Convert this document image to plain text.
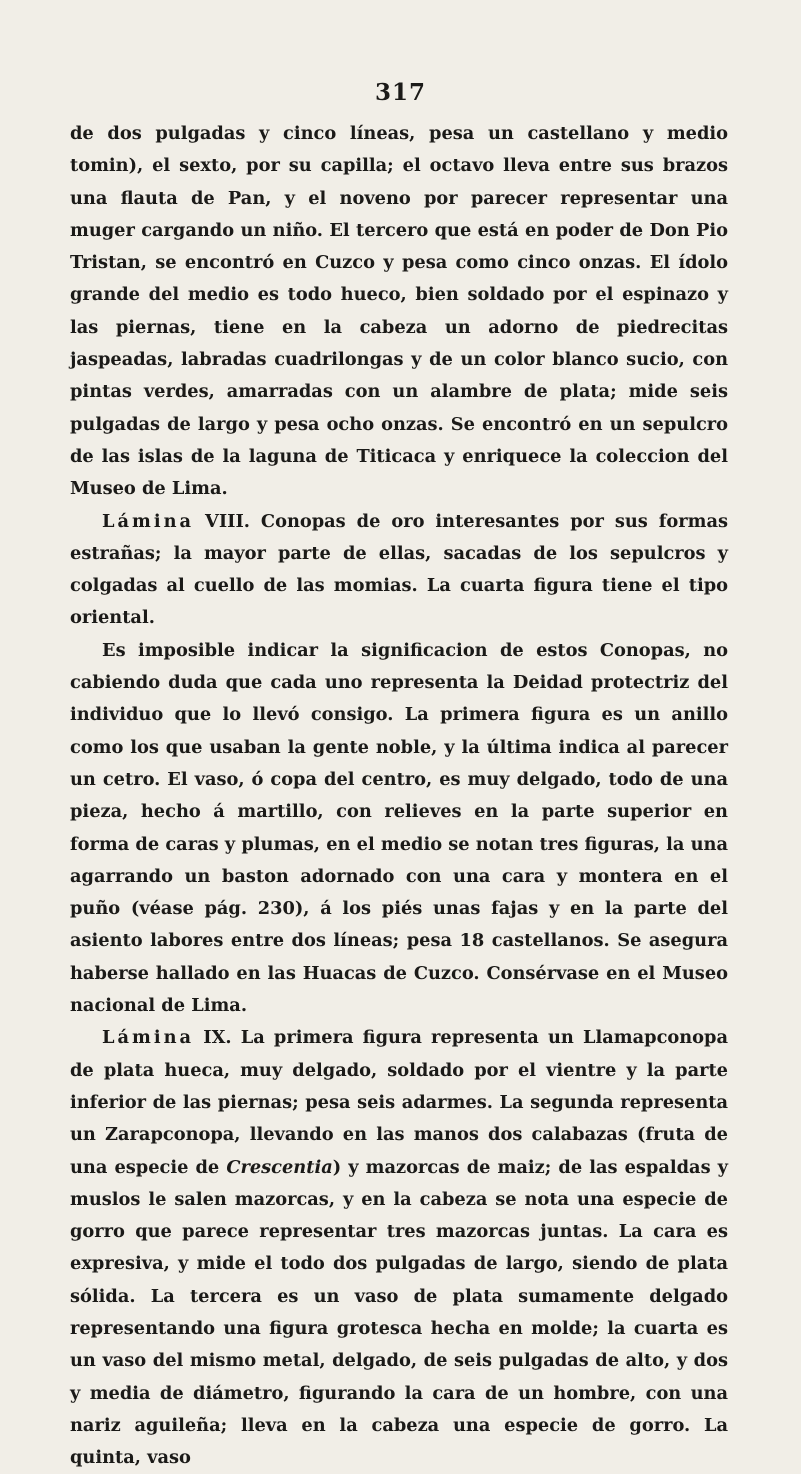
317

de dos pulgadas y cinco líneas, pesa un castellano y medio tomin), el sexto, por su capilla; el octavo lleva entre sus brazos una flauta de Pan, y el noveno por parecer representar una muger cargando un niño. El tercero que está en poder de Don Pio Tristan, se encontró en Cuzco y pesa como cinco onzas. El ídolo grande del medio es todo hueco, bien soldado por el espinazo y las piernas, tiene en la cabeza un adorno de piedrecitas jaspeadas, labradas cuadrilongas y de un color blanco sucio, con pintas verdes, amarradas con un alambre de plata; mide seis pulgadas de largo y pesa ocho onzas. Se encontró en un sepulcro de las islas de la laguna de Titicaca y enriquece la coleccion del Museo de Lima.

Lámina VIII. Conopas de oro interesantes por sus formas estrañas; la mayor parte de ellas, sacadas de los sepulcros y colgadas al cuello de las momias. La cuarta figura tiene el tipo oriental.

Es imposible indicar la significacion de estos Conopas, no cabiendo duda que cada uno representa la Deidad protectriz del individuo que lo llevó consigo. La primera figura es un anillo como los que usaban la gente noble, y la última indica al parecer un cetro. El vaso, ó copa del centro, es muy delgado, todo de una pieza, hecho á martillo, con relieves en la parte superior en forma de caras y plumas, en el medio se notan tres figuras, la una agarrando un baston adornado con una cara y montera en el puño (véase pág. 230), á los piés unas fajas y en la parte del asiento labores entre dos líneas; pesa 18 castellanos. Se asegura haberse hallado en las Huacas de Cuzco. Consérvase en el Museo nacional de Lima.

Lámina IX. La primera figura representa un Llamapconopa de plata hueca, muy delgado, soldado por el vientre y la parte inferior de las piernas; pesa seis adarmes. La segunda representa un Zarapconopa, llevando en las manos dos calabazas (fruta de una especie de Crescentia) y mazorcas de maiz; de las espaldas y muslos le salen mazorcas, y en la cabeza se nota una especie de gorro que parece representar tres mazorcas juntas. La cara es expresiva, y mide el todo dos pulgadas de largo, siendo de plata sólida. La tercera es un vaso de plata sumamente delgado representando una figura grotesca hecha en molde; la cuarta es un vaso del mismo metal, delgado, de seis pulgadas de alto, y dos y media de diámetro, figurando la cara de un hombre, con una nariz aguileña; lleva en la cabeza una especie de gorro. La quinta, vaso
